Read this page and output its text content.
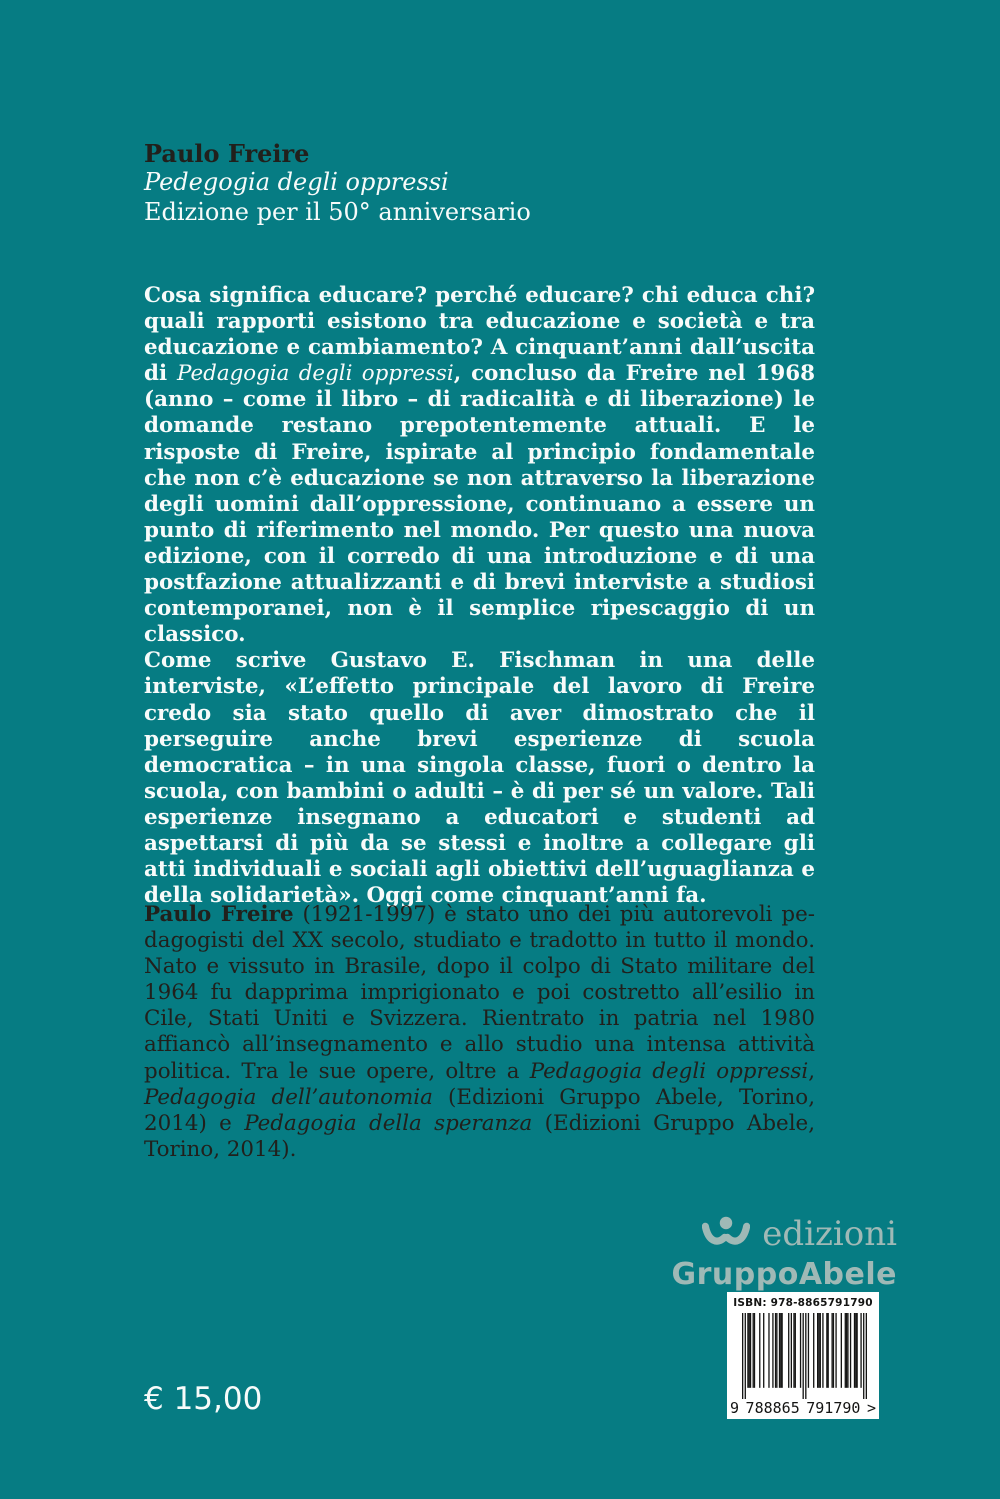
Paulo Freire
Pedegogia degli oppressi
Edizione per il 50° anniversario

Cosa significa educare? perché educare? chi educa chi? quali rapporti esistono tra educazione e società e tra educazione e cambiamento? A cinquant’anni dall’uscita di Pedagogia degli oppressi, concluso da Freire nel 1968 (anno – come il libro – di radicalità e di liberazione) le domande restano prepotentemente attuali. E le risposte di Freire, ispirate al principio fondamentale che non c’è educazione se non attraverso la liberazione degli uomini dall’oppressione, continuano a essere un punto di riferimento nel mondo. Per questo una nuova edizione, con il corredo di una introduzione e di una postfazione attualizzanti e di brevi interviste a studiosi contemporanei, non è il semplice ripescaggio di un classico.

Come scrive Gustavo E. Fischman in una delle interviste, «L’effetto principale del lavoro di Freire credo sia stato quello di aver dimostrato che il perseguire anche brevi esperienze di scuola democratica – in una singola classe, fuori o dentro la scuola, con bambini o adulti – è di per sé un valore. Tali esperienze insegnano a educatori e studenti ad aspettarsi di più da se stessi e inoltre a collegare gli atti individuali e sociali agli obiettivi dell’uguaglianza e della solidarietà». Oggi come cinquant’anni fa.

Paulo Freire (1921-1997) è stato uno dei più autorevoli pedagogisti del XX secolo, studiato e tradotto in tutto il mondo. Nato e vissuto in Brasile, dopo il colpo di Stato militare del 1964 fu dapprima imprigionato e poi costretto all’esilio in Cile, Stati Uniti e Svizzera. Rientrato in patria nel 1980 affiancò all’insegnamento e allo studio una intensa attività politica. Tra le sue opere, oltre a Pedagogia degli oppressi, Pedagogia dell’autonomia (Edizioni Gruppo Abele, Torino, 2014) e Pedagogia della speranza (Edizioni Gruppo Abele, Torino, 2014).
edizioni
GruppoAbele
ISBN: 978-8865791790
9 788865 791790 >
€ 15,00
